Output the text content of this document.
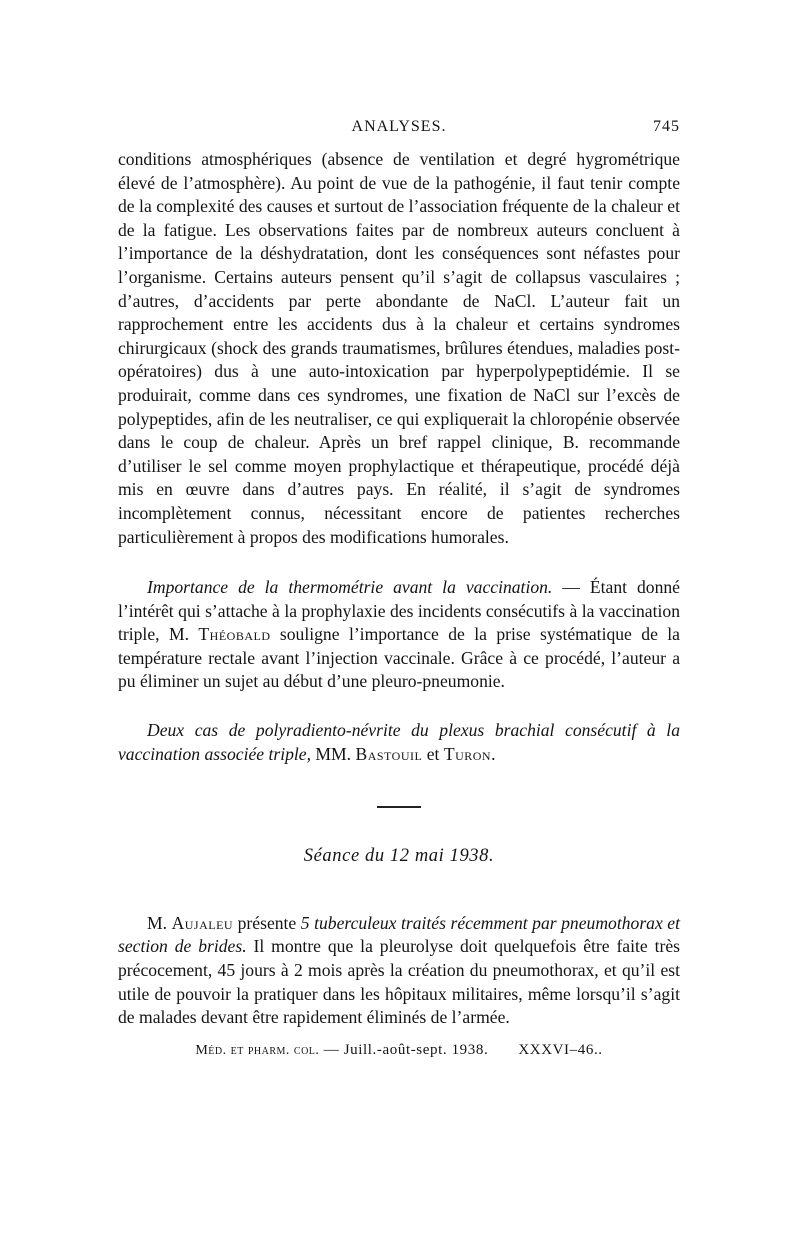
ANALYSES.	745

conditions atmosphériques (absence de ventilation et degré hygrométrique élevé de l’atmosphère). Au point de vue de la pathogénie, il faut tenir compte de la complexité des causes et surtout de l’association fréquente de la chaleur et de la fatigue. Les observations faites par de nombreux auteurs concluent à l’importance de la déshydratation, dont les conséquences sont néfastes pour l’organisme. Certains auteurs pensent qu’il s’agit de collapsus vasculaires ; d’autres, d’accidents par perte abondante de NaCl. L’auteur fait un rapprochement entre les accidents dus à la chaleur et certains syndromes chirurgicaux (shock des grands traumatismes, brûlures étendues, maladies post-opératoires) dus à une auto-intoxication par hyperpolypeptidémie. Il se produirait, comme dans ces syndromes, une fixation de NaCl sur l’excès de polypeptides, afin de les neutraliser, ce qui expliquerait la chloropénie observée dans le coup de chaleur. Après un bref rappel clinique, B. recommande d’utiliser le sel comme moyen prophylactique et thérapeutique, procédé déjà mis en œuvre dans d’autres pays. En réalité, il s’agit de syndromes incomplètement connus, nécessitant encore de patientes recherches particulièrement à propos des modifications humorales.

Importance de la thermométrie avant la vaccination. — Étant donné l’intérêt qui s’attache à la prophylaxie des incidents consécutifs à la vaccination triple, M. Théobald souligne l’importance de la prise systématique de la température rectale avant l’injection vaccinale. Grâce à ce procédé, l’auteur a pu éliminer un sujet au début d’une pleuro-pneumonie.

Deux cas de polyradiento-névrite du plexus brachial consécutif à la vaccination associée triple, MM. Bastouil et Turon.

Séance du 12 mai 1938.

M. Aujaleu présente 5 tuberculeux traités récemment par pneumothorax et section de brides. Il montre que la pleurolyse doit quelquefois être faite très précocement, 45 jours à 2 mois après la création du pneumothorax, et qu’il est utile de pouvoir la pratiquer dans les hôpitaux militaires, même lorsqu’il s’agit de malades devant être rapidement éliminés de l’armée.

Méd. et pharm. col. — Juill.-août-sept. 1938. XXXVI–46..
